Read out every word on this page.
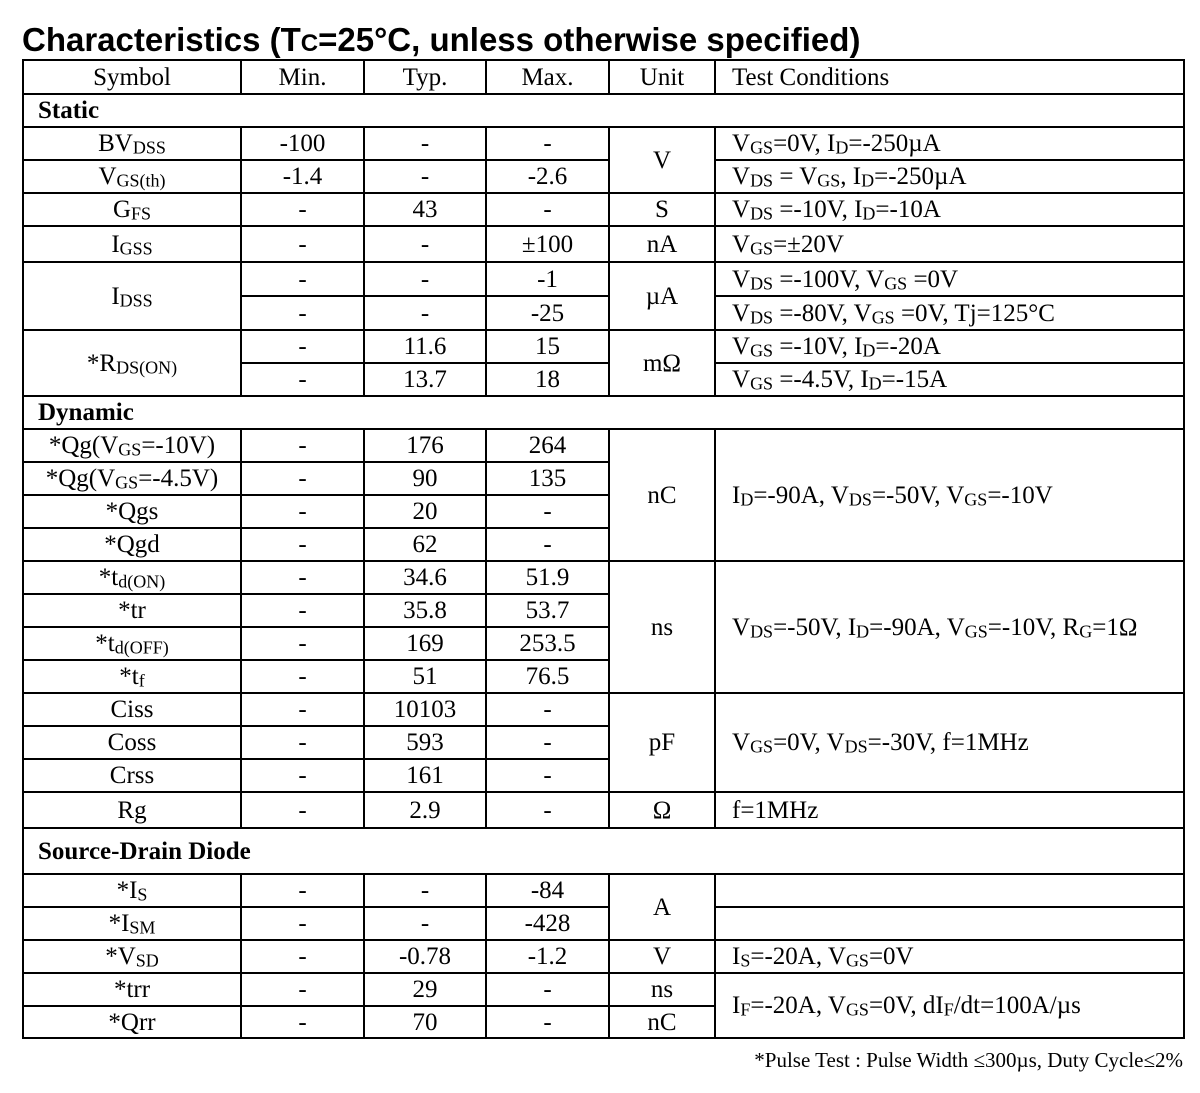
Characteristics (TC=25°C, unless otherwise specified)
Symbol	Min.	Typ.	Max.	Unit	Test Conditions
Static					
$BV_{DSS}$	-100	-	-	V	$V_{GS}=0V$, $I_D=-250\mu A$
$V_{GS(th)}$	-1.4	-	-2.6		$V_{DS} = V_{GS}$, $I_D=-250\mu A$
$G_{FS}$	-	43	-	S	$V_{DS} =-10V$, $I_D=-10A$
$I_{GSS}$	-	-	±100	nA	$V_{GS}=\pm 20V$
$I_{DSS}$	-	-	-1	µA	$V_{DS} =-100V$, $V_{GS} =0V$
	-	-	-25		$V_{DS} =-80V$, $V_{GS} =0V$, Tj=125°C
$*R_{DS(ON)}$	-	11.6	15	mΩ	$V_{GS} =-10V$, $I_D=-20A$
	-	13.7	18		$V_{GS} =-4.5V$, $I_D=-15A$
Dynamic					
$*Qg(V_{GS}=-10V)$	-	176	264	nC	$I_D=-90A$, $V_{DS}=-50V$, $V_{GS}=-10V$
$*Qg(V_{GS}=-4.5V)$	-	90	135		
*Qgs	-	20	-		
*Qgd	-	62	-		
$*t_{d(ON)}$	-	34.6	51.9	ns	$V_{DS}=-50V$, $I_D=-90A$, $V_{GS}=-10V$, $R_G=1\Omega$
*tr	-	35.8	53.7		
$*t_{d(OFF)}$	-	169	253.5		
$*t_f$	-	51	76.5		
Ciss	-	10103	-	pF	$V_{GS}=0V$, $V_{DS}=-30V$, f=1MHz
Coss	-	593	-		
Crss	-	161	-		
Rg	-	2.9	-	Ω	f=1MHz
Source-Drain Diode					
$*I_S$	-	-	-84	A	
$*I_{SM}$	-	-	-428		
$*V_{SD}$	-	-0.78	-1.2	V	$I_S=-20A$, $V_{GS}=0V$
*trr	-	29	-	ns	$I_F=-20A$, $V_{GS}=0V$, $dI_F/dt=100A/\mu s$
*Qrr	-	70	-	nC	
*Pulse Test : Pulse Width ≤300µs, Duty Cycle≤2%
